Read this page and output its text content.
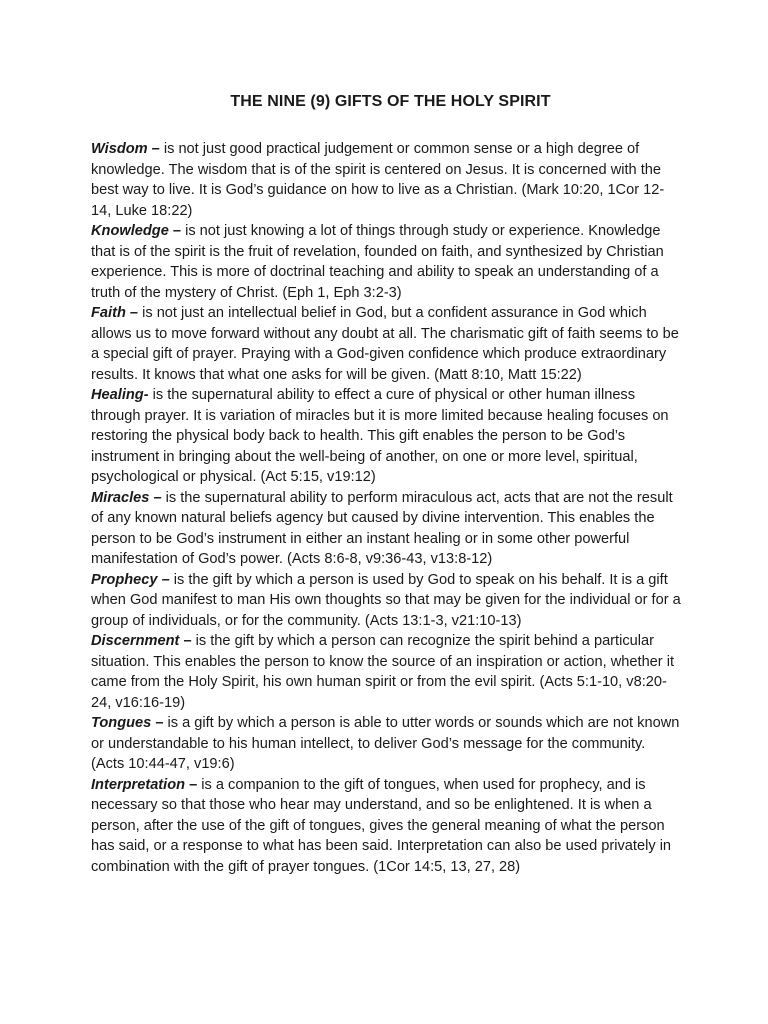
THE NINE (9) GIFTS OF THE HOLY SPIRIT

Wisdom – is not just good practical judgement or common sense or a high degree of knowledge. The wisdom that is of the spirit is centered on Jesus. It is concerned with the best way to live. It is God’s guidance on how to live as a Christian. (Mark 10:20, 1Cor 12-14, Luke 18:22)

Knowledge – is not just knowing a lot of things through study or experience. Knowledge that is of the spirit is the fruit of revelation, founded on faith, and synthesized by Christian experience. This is more of doctrinal teaching and ability to speak an understanding of a truth of the mystery of Christ. (Eph 1, Eph 3:2-3)

Faith – is not just an intellectual belief in God, but a confident assurance in God which allows us to move forward without any doubt at all. The charismatic gift of faith seems to be a special gift of prayer. Praying with a God-given confidence which produce extraordinary results. It knows that what one asks for will be given. (Matt 8:10, Matt 15:22)

Healing- is the supernatural ability to effect a cure of physical or other human illness through prayer. It is variation of miracles but it is more limited because healing focuses on restoring the physical body back to health. This gift enables the person to be God’s instrument in bringing about the well-being of another, on one or more level, spiritual, psychological or physical. (Act 5:15, v19:12)

Miracles – is the supernatural ability to perform miraculous act, acts that are not the result of any known natural beliefs agency but caused by divine intervention. This enables the person to be God’s instrument in either an instant healing or in some other powerful manifestation of God’s power. (Acts 8:6-8, v9:36-43, v13:8-12)

Prophecy – is the gift by which a person is used by God to speak on his behalf. It is a gift when God manifest to man His own thoughts so that may be given for the individual or for a group of individuals, or for the community. (Acts 13:1-3, v21:10-13)

Discernment – is the gift by which a person can recognize the spirit behind a particular situation. This enables the person to know the source of an inspiration or action, whether it came from the Holy Spirit, his own human spirit or from the evil spirit. (Acts 5:1-10, v8:20-24, v16:16-19)

Tongues – is a gift by which a person is able to utter words or sounds which are not known or understandable to his human intellect, to deliver God’s message for the community. (Acts 10:44-47, v19:6)

Interpretation – is a companion to the gift of tongues, when used for prophecy, and is necessary so that those who hear may understand, and so be enlightened. It is when a person, after the use of the gift of tongues, gives the general meaning of what the person has said, or a response to what has been said. Interpretation can also be used privately in combination with the gift of prayer tongues. (1Cor 14:5, 13, 27, 28)
